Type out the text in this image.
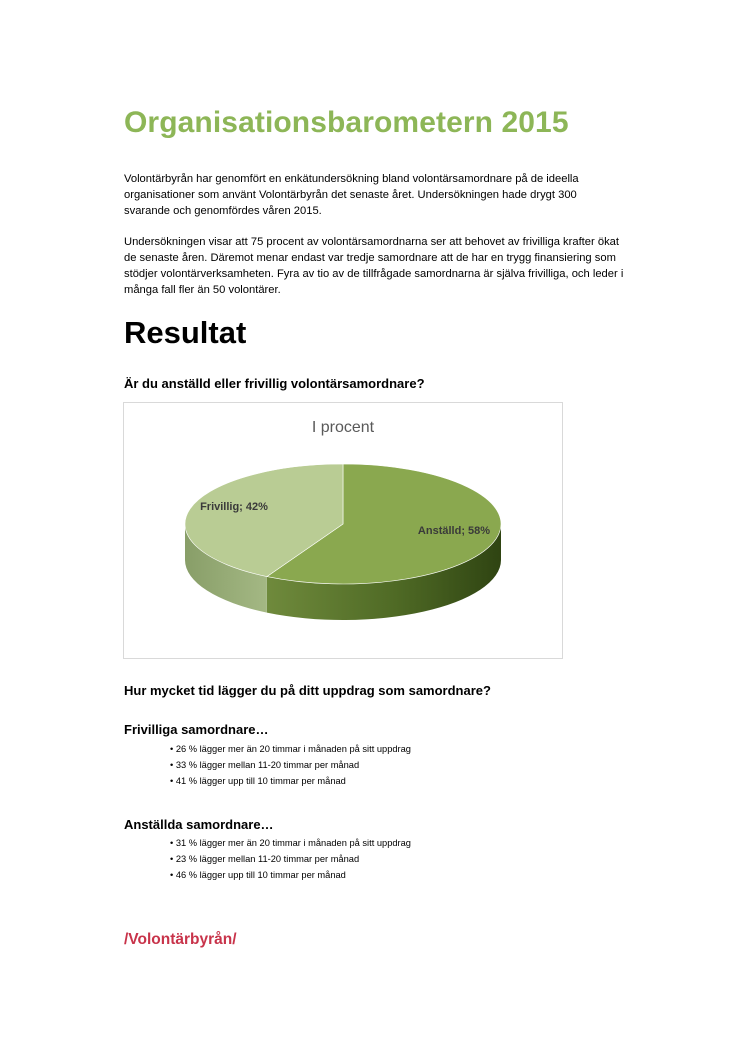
Organisationsbarometern 2015

Volontärbyrån har genomfört en enkätundersökning bland volontärsamordnare på de ideella organisationer som använt Volontärbyrån det senaste året. Undersökningen hade drygt 300 svarande och genomfördes våren 2015.

Undersökningen visar att 75 procent av volontärsamordnarna ser att behovet av frivilliga krafter ökat de senaste åren. Däremot menar endast var tredje samordnare att de har en trygg finansiering som stödjer volontärverksamheten. Fyra av tio av de tillfrågade samordnarna är själva frivilliga, och leder i många fall fler än 50 volontärer.

Resultat
Är du anställd eller frivillig volontärsamordnare?
I procent
Anställd; 58%
Frivillig; 42%
Hur mycket tid lägger du på ditt uppdrag som samordnare?
Frivilliga samordnare…
• 26 % lägger mer än 20 timmar i månaden på sitt uppdrag
• 33 % lägger mellan 11-20 timmar per månad
• 41 % lägger upp till 10 timmar per månad
Anställda samordnare…
• 31 % lägger mer än 20 timmar i månaden på sitt uppdrag
• 23 % lägger mellan 11-20 timmar per månad
• 46 % lägger upp till 10 timmar per månad

/Volontärbyrån/
